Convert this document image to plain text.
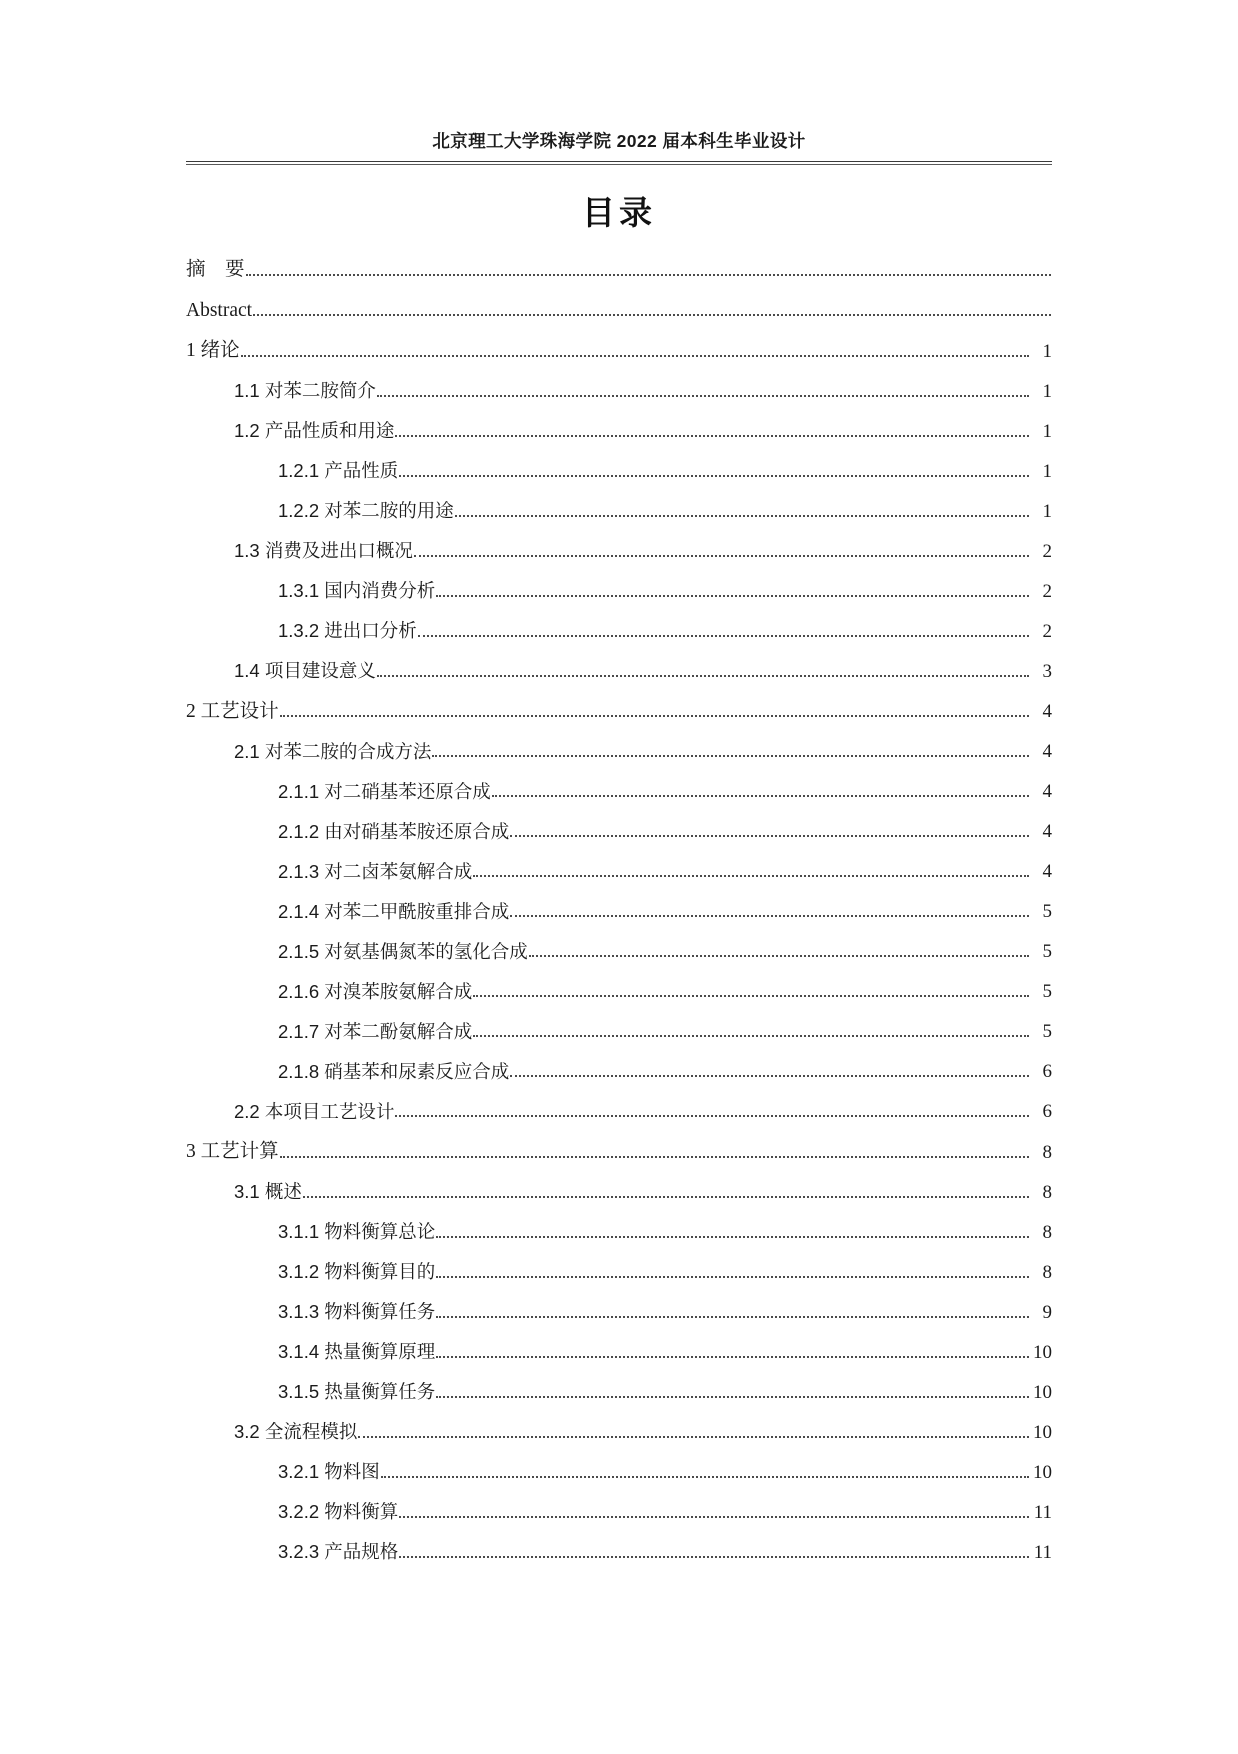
北京理工大学珠海学院 2022 届本科生毕业设计
目录
摘　要
Abstract
1 绪论	1
1.1 对苯二胺简介	1
1.2 产品性质和用途	1
1.2.1 产品性质	1
1.2.2 对苯二胺的用途	1
1.3 消费及进出口概况	2
1.3.1 国内消费分析	2
1.3.2 进出口分析	2
1.4 项目建设意义	3
2 工艺设计	4
2.1 对苯二胺的合成方法	4
2.1.1 对二硝基苯还原合成	4
2.1.2 由对硝基苯胺还原合成	4
2.1.3 对二卤苯氨解合成	4
2.1.4 对苯二甲酰胺重排合成	5
2.1.5 对氨基偶氮苯的氢化合成	5
2.1.6 对溴苯胺氨解合成	5
2.1.7 对苯二酚氨解合成	5
2.1.8 硝基苯和尿素反应合成	6
2.2 本项目工艺设计	6
3 工艺计算	8
3.1 概述	8
3.1.1 物料衡算总论	8
3.1.2 物料衡算目的	8
3.1.3 物料衡算任务	9
3.1.4 热量衡算原理	10
3.1.5 热量衡算任务	10
3.2 全流程模拟	10
3.2.1 物料图	10
3.2.2 物料衡算	11
3.2.3 产品规格	11
